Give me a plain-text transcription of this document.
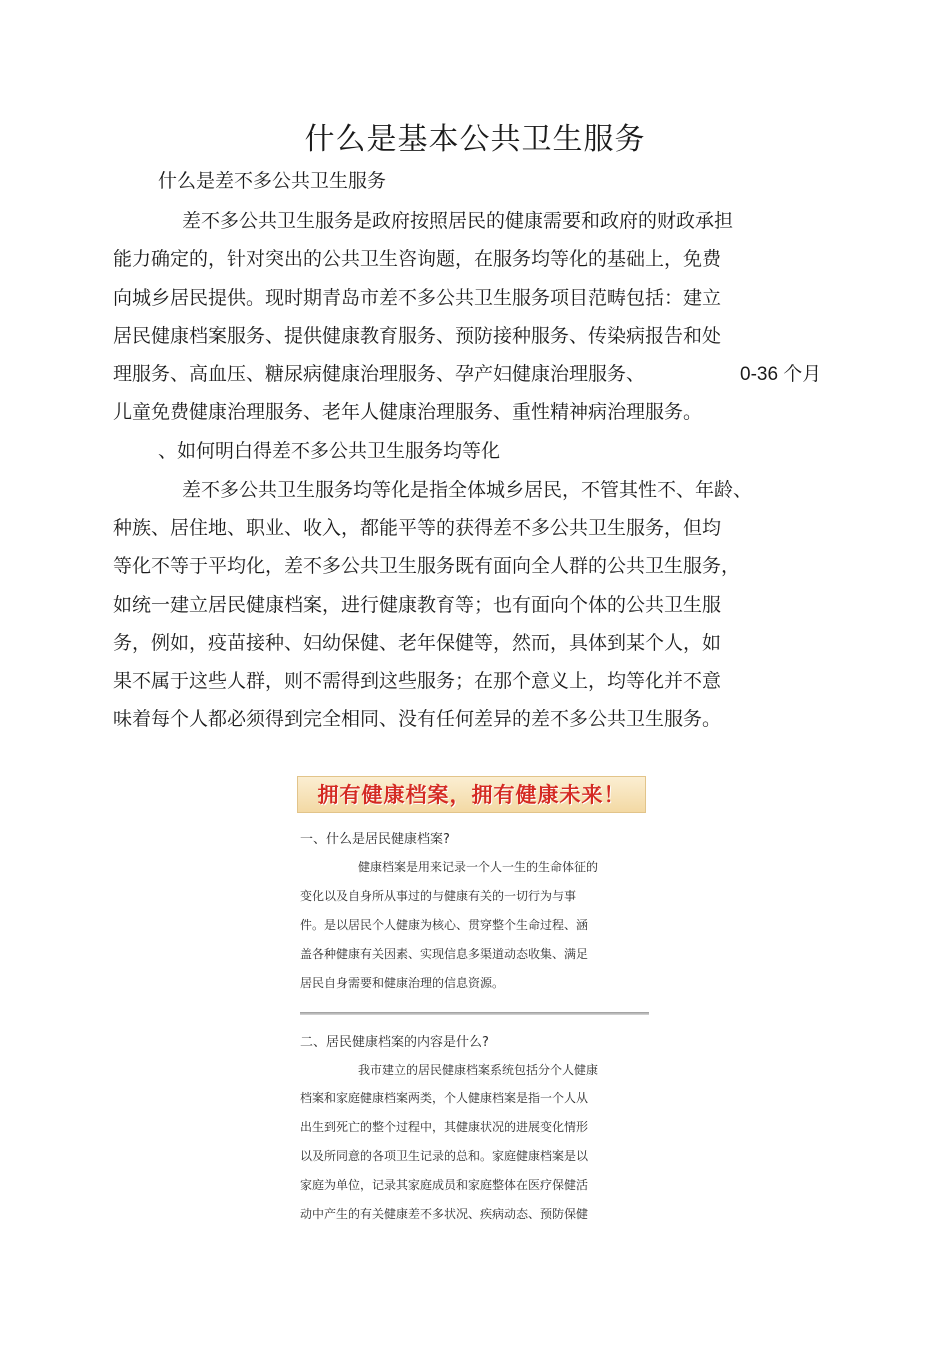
什么是基本公共卫生服务
什么是差不多公共卫生服务
差不多公共卫生服务是政府按照居民的健康需要和政府的财政承担
能力确定的，针对突出的公共卫生咨询题，在服务均等化的基础上，免费
向城乡居民提供。现时期青岛市差不多公共卫生服务项目范畴包括：建立
居民健康档案服务、提供健康教育服务、预防接种服务、传染病报告和处
理服务、高血压、糖尿病健康治理服务、孕产妇健康治理服务、	0-36 个月
儿童免费健康治理服务、老年人健康治理服务、重性精神病治理服务。
、如何明白得差不多公共卫生服务均等化
差不多公共卫生服务均等化是指全体城乡居民，不管其性不、年龄、
种族、居住地、职业、收入，都能平等的获得差不多公共卫生服务，但均
等化不等于平均化，差不多公共卫生服务既有面向全人群的公共卫生服务，
如统一建立居民健康档案，进行健康教育等；也有面向个体的公共卫生服
务，例如，疫苗接种、妇幼保健、老年保健等，然而，具体到某个人，如
果不属于这些人群，则不需得到这些服务；在那个意义上，均等化并不意
味着每个人都必须得到完全相同、没有任何差异的差不多公共卫生服务。
拥有健康档案，拥有健康未来！
一、什么是居民健康档案?
健康档案是用来记录一个人一生的生命体征的
变化以及自身所从事过的与健康有关的一切行为与事
件。是以居民个人健康为核心、贯穿整个生命过程、涵
盖各种健康有关因素、实现信息多渠道动态收集、满足
居民自身需要和健康治理的信息资源。
二、居民健康档案的内容是什么?
我市建立的居民健康档案系统包括分个人健康
档案和家庭健康档案两类，个人健康档案是指一个人从
出生到死亡的整个过程中，其健康状况的进展变化情形
以及所同意的各项卫生记录的总和。家庭健康档案是以
家庭为单位，记录其家庭成员和家庭整体在医疗保健活
动中产生的有关健康差不多状况、疾病动态、预防保健
